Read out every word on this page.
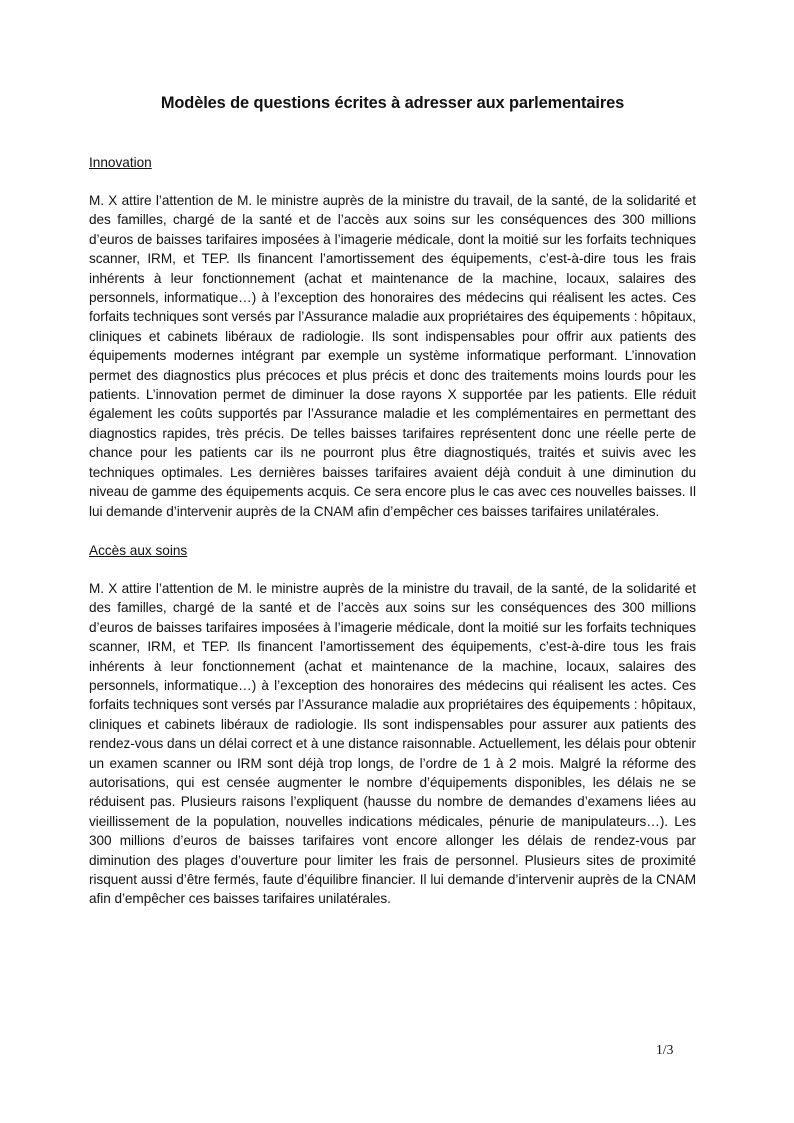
Modèles de questions écrites à adresser aux parlementaires

Innovation

M. X attire l’attention de M. le ministre auprès de la ministre du travail, de la santé, de la solidarité et des familles, chargé de la santé et de l’accès aux soins sur les conséquences des 300 millions d’euros de baisses tarifaires imposées à l’imagerie médicale, dont la moitié sur les forfaits techniques scanner, IRM, et TEP. Ils financent l’amortissement des équipements, c’est-à-dire tous les frais inhérents à leur fonctionnement (achat et maintenance de la machine, locaux, salaires des personnels, informatique…) à l’exception des honoraires des médecins qui réalisent les actes. Ces forfaits techniques sont versés par l’Assurance maladie aux propriétaires des équipements : hôpitaux, cliniques et cabinets libéraux de radiologie. Ils sont indispensables pour offrir aux patients des équipements modernes intégrant par exemple un système informatique performant. L’innovation permet des diagnostics plus précoces et plus précis et donc des traitements moins lourds pour les patients. L’innovation permet de diminuer la dose rayons X supportée par les patients. Elle réduit également les coûts supportés par l’Assurance maladie et les complémentaires en permettant des diagnostics rapides, très précis. De telles baisses tarifaires représentent donc une réelle perte de chance pour les patients car ils ne pourront plus être diagnostiqués, traités et suivis avec les techniques optimales. Les dernières baisses tarifaires avaient déjà conduit à une diminution du niveau de gamme des équipements acquis. Ce sera encore plus le cas avec ces nouvelles baisses. Il lui demande d’intervenir auprès de la CNAM afin d’empêcher ces baisses tarifaires unilatérales.

Accès aux soins

M. X attire l’attention de M. le ministre auprès de la ministre du travail, de la santé, de la solidarité et des familles, chargé de la santé et de l’accès aux soins sur les conséquences des 300 millions d’euros de baisses tarifaires imposées à l’imagerie médicale, dont la moitié sur les forfaits techniques scanner, IRM, et TEP. Ils financent l’amortissement des équipements, c’est-à-dire tous les frais inhérents à leur fonctionnement (achat et maintenance de la machine, locaux, salaires des personnels, informatique…) à l’exception des honoraires des médecins qui réalisent les actes. Ces forfaits techniques sont versés par l’Assurance maladie aux propriétaires des équipements : hôpitaux, cliniques et cabinets libéraux de radiologie. Ils sont indispensables pour assurer aux patients des rendez-vous dans un délai correct et à une distance raisonnable. Actuellement, les délais pour obtenir un examen scanner ou IRM sont déjà trop longs, de l’ordre de 1 à 2 mois. Malgré la réforme des autorisations, qui est censée augmenter le nombre d’équipements disponibles, les délais ne se réduisent pas. Plusieurs raisons l’expliquent (hausse du nombre de demandes d’examens liées au vieillissement de la population, nouvelles indications médicales, pénurie de manipulateurs…). Les 300 millions d’euros de baisses tarifaires vont encore allonger les délais de rendez-vous par diminution des plages d’ouverture pour limiter les frais de personnel. Plusieurs sites de proximité risquent aussi d’être fermés, faute d’équilibre financier. Il lui demande d’intervenir auprès de la CNAM afin d’empêcher ces baisses tarifaires unilatérales.

1/3
